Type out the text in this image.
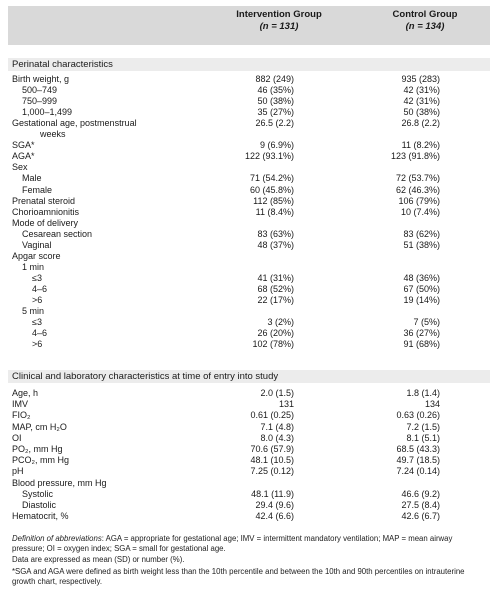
Intervention Group
(n = 131)
Control Group
(n = 134)
Perinatal characteristics
Birth weight, g	882 (249)	935 (283)
500–749	46 (35%)	42 (31%)
750–999	50 (38%)	42 (31%)
1,000–1,499	35 (27%)	50 (38%)
Gestational age, postmenstrual	26.5 (2.2)	26.8 (2.2)
weeks
SGA*	9 (6.9%)	11 (8.2%)
AGA*	122 (93.1%)	123 (91.8%)
Sex
Male	71 (54.2%)	72 (53.7%)
Female	60 (45.8%)	62 (46.3%)
Prenatal steroid	112 (85%)	106 (79%)
Chorioamnionitis	11 (8.4%)	10 (7.4%)
Mode of delivery
Cesarean section	83 (63%)	83 (62%)
Vaginal	48 (37%)	51 (38%)
Apgar score
1 min
≤3	41 (31%)	48 (36%)
4–6	68 (52%)	67 (50%)
>6	22 (17%)	19 (14%)
5 min
≤3	3 (2%)	7 (5%)
4–6	26 (20%)	36 (27%)
>6	102 (78%)	91 (68%)
Clinical and laboratory characteristics at time of entry into study
Age, h	2.0 (1.5)	1.8 (1.4)
IMV	131	134
FIO₂	0.61 (0.25)	0.63 (0.26)
MAP, cm H₂O	7.1 (4.8)	7.2 (1.5)
OI	8.0 (4.3)	8.1 (5.1)
PO₂, mm Hg	70.6 (57.9)	68.5 (43.3)
PCO₂, mm Hg	48.1 (10.5)	49.7 (18.5)
pH	7.25 (0.12)	7.24 (0.14)
Blood pressure, mm Hg
Systolic	48.1 (11.9)	46.6 (9.2)
Diastolic	29.4 (9.6)	27.5 (8.4)
Hematocrit, %	42.4 (6.6)	42.6 (6.7)
Definition of abbreviations: AGA = appropriate for gestational age; IMV = intermittent mandatory ventilation; MAP = mean airway pressure; OI = oxygen index; SGA = small for gestational age.
Data are expressed as mean (SD) or number (%).
*SGA and AGA were defined as birth weight less than the 10th percentile and between the 10th and 90th percentiles on intrauterine growth chart, respectively.
